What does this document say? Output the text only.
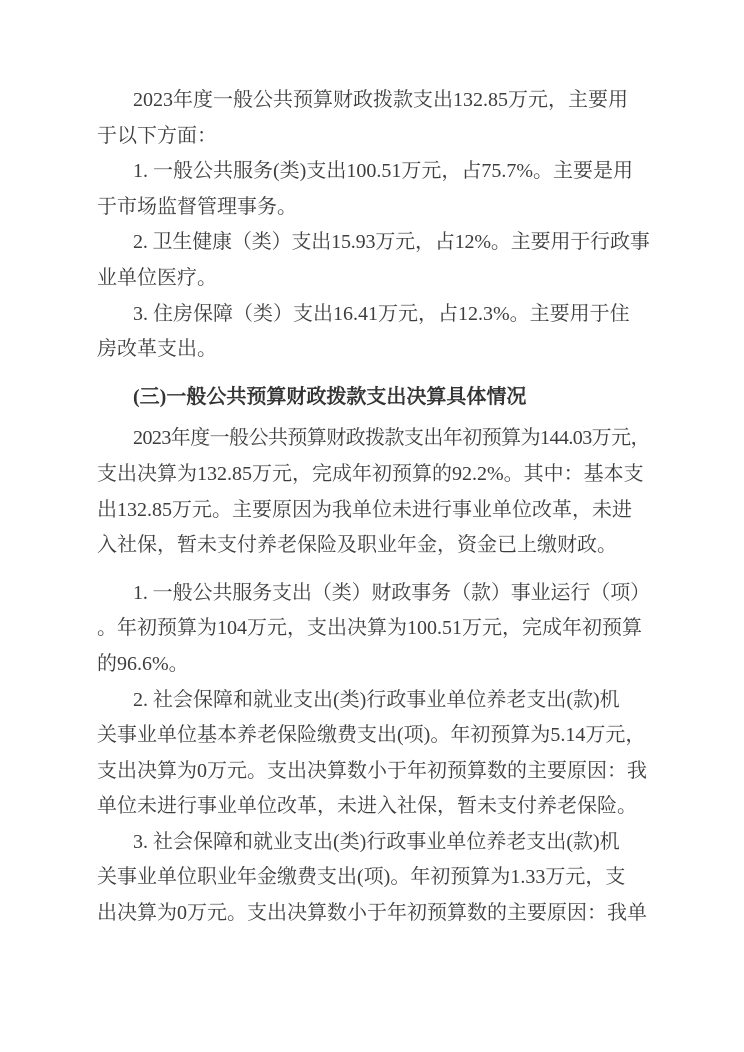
2023年度一般公共预算财政拨款支出132.85万元，主要用
于以下方面：
1. 一般公共服务(类)支出100.51万元，占75.7%。主要是用
于市场监督管理事务。
2. 卫生健康（类）支出15.93万元，占12%。主要用于行政事
业单位医疗。
3. 住房保障（类）支出16.41万元，占12.3%。主要用于住
房改革支出。
(三)一般公共预算财政拨款支出决算具体情况
2023年度一般公共预算财政拨款支出年初预算为144.03万元，
支出决算为132.85万元，完成年初预算的92.2%。其中：基本支
出132.85万元。主要原因为我单位未进行事业单位改革，未进
入社保，暂未支付养老保险及职业年金，资金已上缴财政。
1. 一般公共服务支出（类）财政事务（款）事业运行（项）
。年初预算为104万元，支出决算为100.51万元，完成年初预算
的96.6%。
2. 社会保障和就业支出(类)行政事业单位养老支出(款)机
关事业单位基本养老保险缴费支出(项)。年初预算为5.14万元，
支出决算为0万元。支出决算数小于年初预算数的主要原因：我
单位未进行事业单位改革，未进入社保，暂未支付养老保险。
3. 社会保障和就业支出(类)行政事业单位养老支出(款)机
关事业单位职业年金缴费支出(项)。年初预算为1.33万元，支
出决算为0万元。支出决算数小于年初预算数的主要原因：我单
